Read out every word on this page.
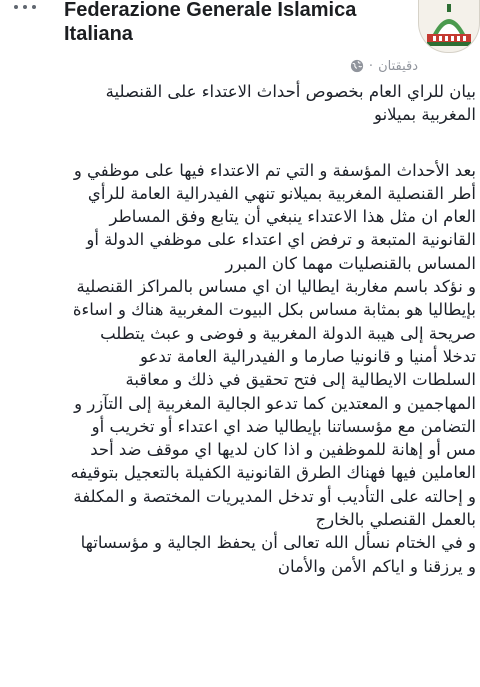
Federazione Generale Islamica
Italiana
دقيقتان
·

بيان للراي العام بخصوص أحداث الاعتداء على القنصلية
المغربية بميلانو

بعد الأحداث المؤسفة و التي تم الاعتداء فيها على موظفي و
أطر القنصلية المغربية بميلانو تنهي الفيدرالية العامة للرأي
العام ان مثل هذا الاعتداء ينبغي أن يتابع وفق المساطر
القانونية المتبعة و ترفض اي اعتداء على موظفي الدولة أو
المساس بالقنصليات مهما كان المبرر
و نؤكد باسم مغاربة ايطاليا ان اي مساس بالمراكز القنصلية
بإيطاليا هو بمثابة مساس بكل البيوت المغربية هناك و اساءة
صريحة إلى هيبة الدولة المغربية و فوضى و عبث يتطلب
تدخلا أمنيا و قانونيا صارما و الفيدرالية العامة تدعو
السلطات الايطالية إلى فتح تحقيق في ذلك و معاقبة
المهاجمين و المعتدين كما تدعو الجالية المغربية إلى التآزر و
التضامن مع مؤسساتنا بإيطاليا ضد اي اعتداء أو تخريب أو
مس أو إهانة للموظفين و اذا كان لديها اي موقف ضد أحد
العاملين فيها فهناك الطرق القانونية الكفيلة بالتعجيل بتوقيفه
و إحالته على التأديب أو تدخل المديريات المختصة و المكلفة
بالعمل القنصلي بالخارج
و في الختام نسأل الله تعالى أن يحفظ الجالية و مؤسساتها
و يرزقنا و اياكم الأمن والأمان
